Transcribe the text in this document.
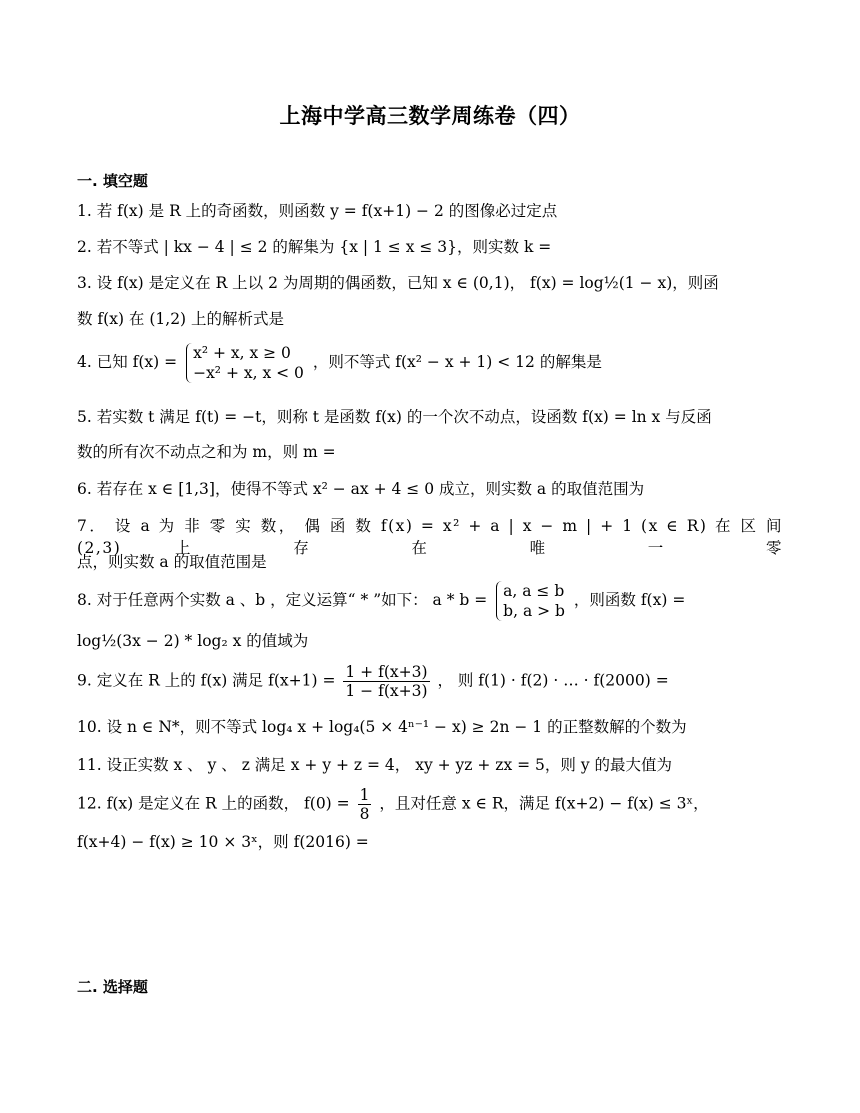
上海中学高三数学周练卷（四）
一. 填空题
1. 若 f(x) 是 R 上的奇函数，则函数 y = f(x+1) − 2 的图像必过定点
2. 若不等式 | kx − 4 | ≤ 2 的解集为 {x | 1 ≤ x ≤ 3}，则实数 k =
3. 设 f(x) 是定义在 R 上以 2 为周期的偶函数，已知 x ∈ (0,1)， f(x) = log½(1 − x)，则函
数 f(x) 在 (1,2) 上的解析式是
4. 已知 f(x) = x² + x, x ≥ 0
−x² + x, x < 0
，则不等式 f(x² − x + 1) < 12 的解集是
5. 若实数 t 满足 f(t) = −t，则称 t 是函数 f(x) 的一个次不动点，设函数 f(x) = ln x 与反函
数的所有次不动点之和为 m，则 m =
6. 若存在 x ∈ [1,3]，使得不等式 x² − ax + 4 ≤ 0 成立，则实数 a 的取值范围为
7． 设 a 为 非 零 实 数， 偶 函 数 f(x) = x² + a | x − m | + 1 (x ∈ R) 在 区 间 (2,3) 上 存 在 唯 一 零
点，则实数 a 的取值范围是
8. 对于任意两个实数 a 、b ，定义运算“ * ”如下： a * b = a, a ≤ b
b, a > b
，则函数 f(x) =
log½(3x − 2) * log₂ x 的值域为
9. 定义在 R 上的 f(x) 满足 $f(x+1) = \frac{1 + f(x+3)}{1 - f(x+3)}$ ， 则 f(1) · f(2) · … · f(2000) =
10. 设 n ∈ N*，则不等式 log₄ x + log₄(5 × 4ⁿ⁻¹ − x) ≥ 2n − 1 的正整数解的个数为
11. 设正实数 x 、 y 、 z 满足 x + y + z = 4， xy + yz + zx = 5，则 y 的最大值为
12. f(x) 是定义在 R 上的函数， $f(0) = \frac{1}{8}$ ，且对任意 x ∈ R，满足 f(x+2) − f(x) ≤ 3ˣ，
f(x+4) − f(x) ≥ 10 × 3ˣ，则 f(2016) =
二. 选择题
